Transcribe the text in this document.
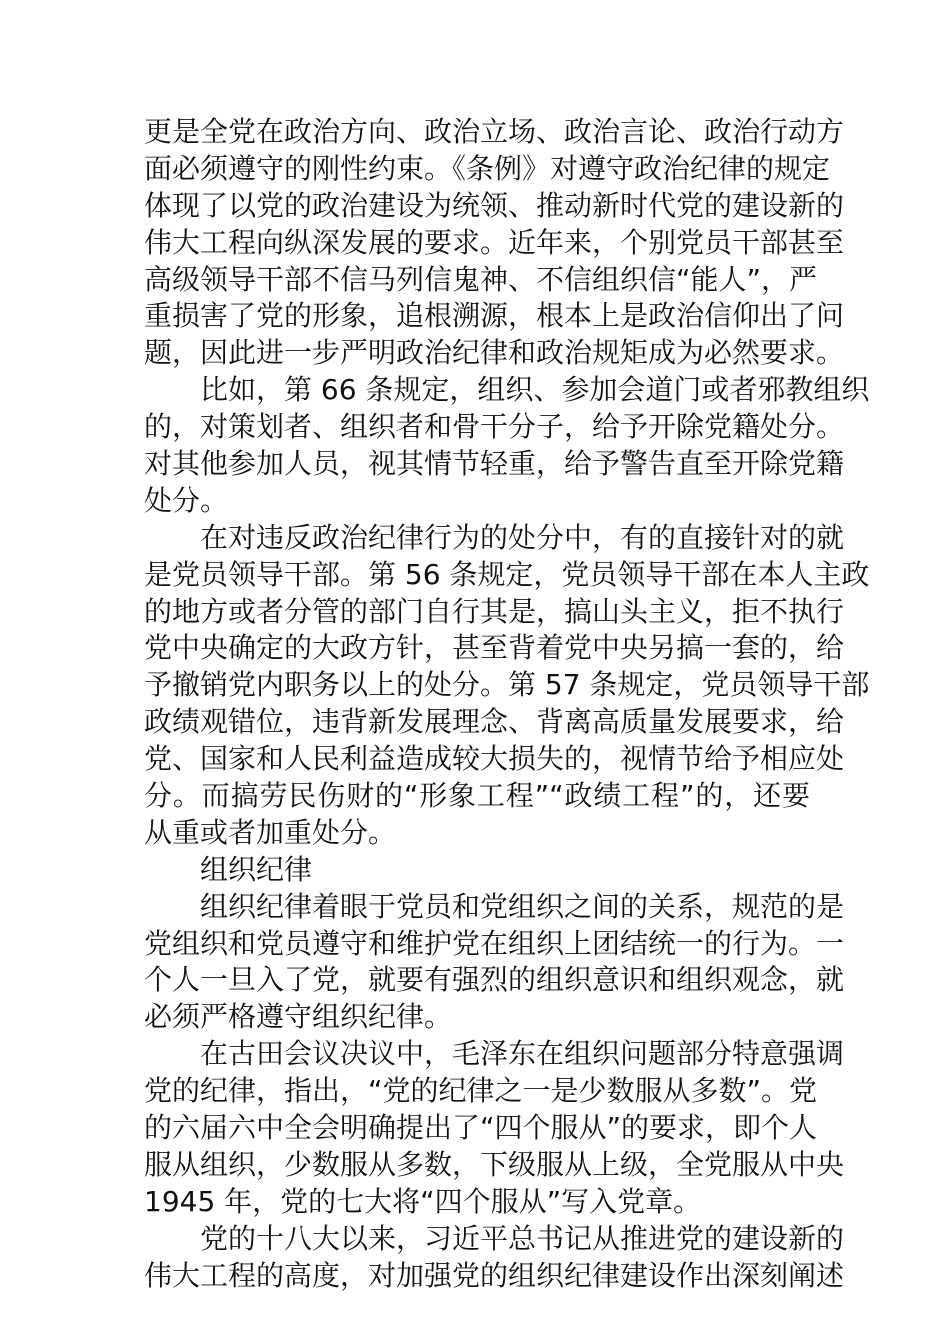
更是全党在政治方向、政治立场、政治言论、政治行动方
面必须遵守的刚性约束。《条例》对遵守政治纪律的规定
体现了以党的政治建设为统领、推动新时代党的建设新的
伟大工程向纵深发展的要求。近年来，个别党员干部甚至
高级领导干部不信马列信鬼神、不信组织信“能人”，严
重损害了党的形象，追根溯源，根本上是政治信仰出了问
题，因此进一步严明政治纪律和政治规矩成为必然要求。
比如，第 66 条规定，组织、参加会道门或者邪教组织
的，对策划者、组织者和骨干分子，给予开除党籍处分。
对其他参加人员，视其情节轻重，给予警告直至开除党籍
处分。
在对违反政治纪律行为的处分中，有的直接针对的就
是党员领导干部。第 56 条规定，党员领导干部在本人主政
的地方或者分管的部门自行其是，搞山头主义，拒不执行
党中央确定的大政方针，甚至背着党中央另搞一套的，给
予撤销党内职务以上的处分。第 57 条规定，党员领导干部
政绩观错位，违背新发展理念、背离高质量发展要求，给
党、国家和人民利益造成较大损失的，视情节给予相应处
分。而搞劳民伤财的“形象工程”“政绩工程”的，还要
从重或者加重处分。
组织纪律
组织纪律着眼于党员和党组织之间的关系，规范的是
党组织和党员遵守和维护党在组织上团结统一的行为。一
个人一旦入了党，就要有强烈的组织意识和组织观念，就
必须严格遵守组织纪律。
在古田会议决议中，毛泽东在组织问题部分特意强调
党的纪律，指出，“党的纪律之一是少数服从多数”。党
的六届六中全会明确提出了“四个服从”的要求，即个人
服从组织，少数服从多数，下级服从上级，全党服从中央
1945 年，党的七大将“四个服从”写入党章。
党的十八大以来，习近平总书记从推进党的建设新的
伟大工程的高度，对加强党的组织纪律建设作出深刻阐述
